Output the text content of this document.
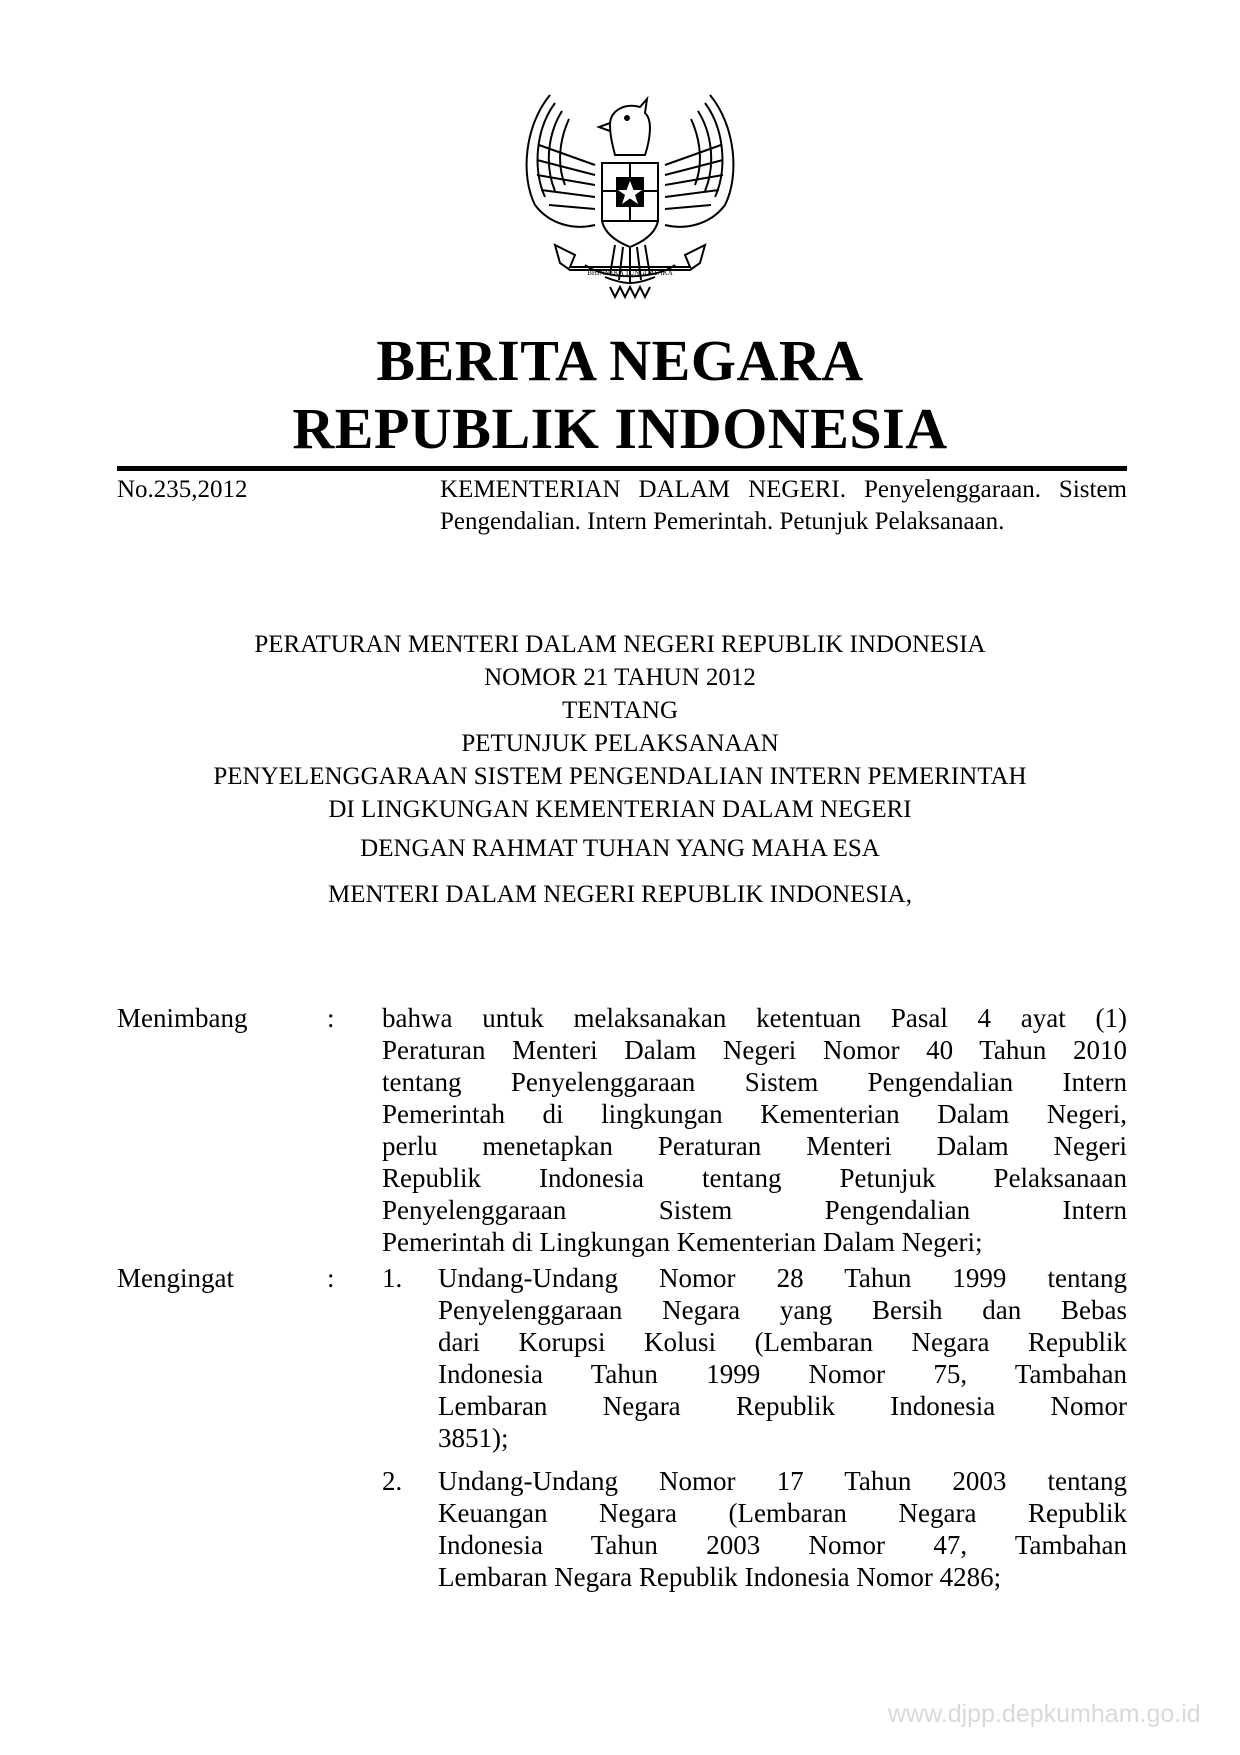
BHINNEKA TUNGGAL IKA
BERITA NEGARA
REPUBLIK INDONESIA
No.235,2012	KEMENTERIAN DALAM NEGERI. Penyelenggaraan. Sistem Pengendalian. Intern Pemerintah. Petunjuk Pelaksanaan.
PERATURAN MENTERI DALAM NEGERI REPUBLIK INDONESIA
NOMOR 21 TAHUN 2012
TENTANG
PETUNJUK PELAKSANAAN
PENYELENGGARAAN SISTEM PENGENDALIAN INTERN PEMERINTAH
DI LINGKUNGAN KEMENTERIAN DALAM NEGERI
DENGAN RAHMAT TUHAN YANG MAHA ESA
MENTERI DALAM NEGERI REPUBLIK INDONESIA,
Menimbang	: bahwa untuk melaksanakan ketentuan Pasal 4 ayat (1)
Peraturan Menteri Dalam Negeri Nomor 40 Tahun 2010
tentang Penyelenggaraan Sistem Pengendalian Intern
Pemerintah di lingkungan Kementerian Dalam Negeri,
perlu menetapkan Peraturan Menteri Dalam Negeri
Republik Indonesia tentang Petunjuk Pelaksanaan
Penyelenggaraan Sistem Pengendalian Intern
Pemerintah di Lingkungan Kementerian Dalam Negeri;
Mengingat	: 1. Undang-Undang Nomor 28 Tahun 1999 tentang
Penyelenggaraan Negara yang Bersih dan Bebas
dari Korupsi Kolusi (Lembaran Negara Republik
Indonesia Tahun 1999 Nomor 75, Tambahan
Lembaran Negara Republik Indonesia Nomor
3851);
2. Undang-Undang Nomor 17 Tahun 2003 tentang
Keuangan Negara (Lembaran Negara Republik
Indonesia Tahun 2003 Nomor 47, Tambahan
Lembaran Negara Republik Indonesia Nomor 4286;
www.djpp.depkumham.go.id
